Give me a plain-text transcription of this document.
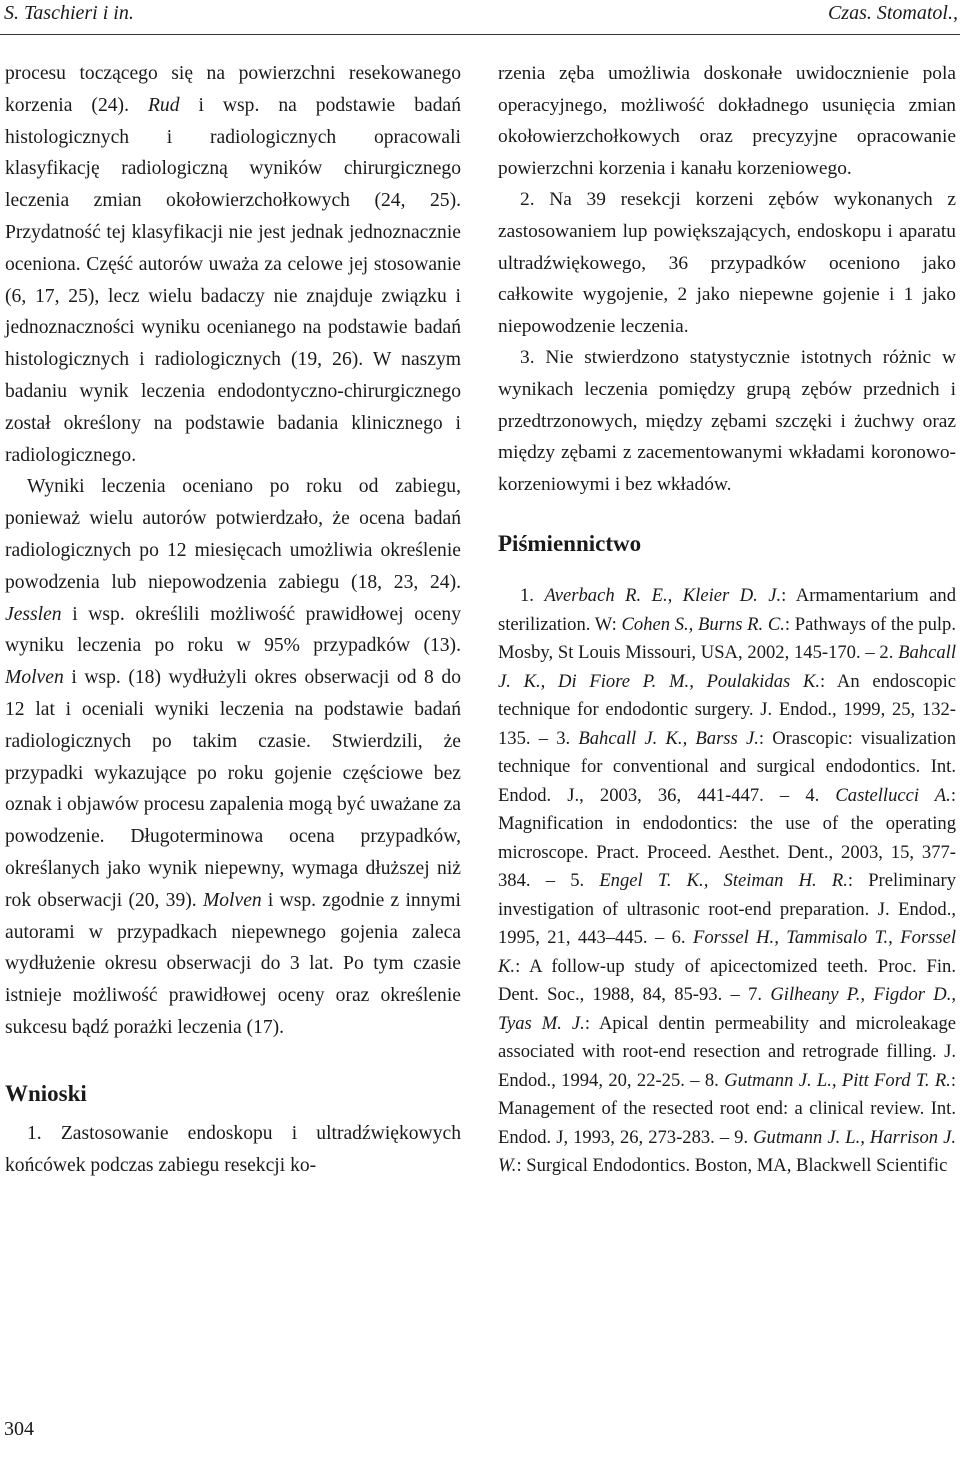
S. Taschieri i in.	Czas. Stomatol.,

procesu toczącego się na powierzchni resekowanego korzenia (24). Rud i wsp. na podstawie badań histologicznych i radiologicznych opracowali klasyfikację radiologiczną wyników chirurgicznego leczenia zmian okołowierzchołkowych (24, 25). Przydatność tej klasyfikacji nie jest jednak jednoznacznie oceniona. Część autorów uważa za celowe jej stosowanie (6, 17, 25), lecz wielu badaczy nie znajduje związku i jednoznaczności wyniku ocenianego na podstawie badań histologicznych i radiologicznych (19, 26). W naszym badaniu wynik leczenia endodontyczno-chirurgicznego został określony na podstawie badania klinicznego i radiologicznego.

Wyniki leczenia oceniano po roku od zabiegu, ponieważ wielu autorów potwierdzało, że ocena badań radiologicznych po 12 miesięcach umożliwia określenie powodzenia lub niepowodzenia zabiegu (18, 23, 24). Jesslen i wsp. określili możliwość prawidłowej oceny wyniku leczenia po roku w 95% przypadków (13). Molven i wsp. (18) wydłużyli okres obserwacji od 8 do 12 lat i oceniali wyniki leczenia na podstawie badań radiologicznych po takim czasie. Stwierdzili, że przypadki wykazujące po roku gojenie częściowe bez oznak i objawów procesu zapalenia mogą być uważane za powodzenie. Długoterminowa ocena przypadków, określanych jako wynik niepewny, wymaga dłuższej niż rok obserwacji (20, 39). Molven i wsp. zgodnie z innymi autorami w przypadkach niepewnego gojenia zaleca wydłużenie okresu obserwacji do 3 lat. Po tym czasie istnieje możliwość prawidłowej oceny oraz określenie sukcesu bądź porażki leczenia (17).

Wnioski

1. Zastosowanie endoskopu i ultradźwiękowych końcówek podczas zabiegu resekcji ko-

rzenia zęba umożliwia doskonałe uwidocznienie pola operacyjnego, możliwość dokładnego usunięcia zmian okołowierzchołkowych oraz precyzyjne opracowanie powierzchni korzenia i kanału korzeniowego.

2. Na 39 resekcji korzeni zębów wykonanych z zastosowaniem lup powiększających, endoskopu i aparatu ultradźwiękowego, 36 przypadków oceniono jako całkowite wygojenie, 2 jako niepewne gojenie i 1 jako niepowodzenie leczenia.

3. Nie stwierdzono statystycznie istotnych różnic w wynikach leczenia pomiędzy grupą zębów przednich i przedtrzonowych, między zębami szczęki i żuchwy oraz między zębami z zacementowanymi wkładami koronowo-korzeniowymi i bez wkładów.

Piśmiennictwo

1. Averbach R. E., Kleier D. J.: Armamentarium and sterilization. W: Cohen S., Burns R. C.: Pathways of the pulp. Mosby, St Louis Missouri, USA, 2002, 145-170. – 2. Bahcall J. K., Di Fiore P. M., Poulakidas K.: An endoscopic technique for endodontic surgery. J. Endod., 1999, 25, 132-135. – 3. Bahcall J. K., Barss J.: Orascopic: visualization technique for conventional and surgical endodontics. Int. Endod. J., 2003, 36, 441-447. – 4. Castellucci A.: Magnification in endodontics: the use of the operating microscope. Pract. Proceed. Aesthet. Dent., 2003, 15, 377-384. – 5. Engel T. K., Steiman H. R.: Preliminary investigation of ultrasonic root-end preparation. J. Endod., 1995, 21, 443–445. – 6. Forssel H., Tammisalo T., Forssel K.: A follow-up study of apicectomized teeth. Proc. Fin. Dent. Soc., 1988, 84, 85-93. – 7. Gilheany P., Figdor D., Tyas M. J.: Apical dentin permeability and microleakage associated with root-end resection and retrograde filling. J. Endod., 1994, 20, 22-25. – 8. Gutmann J. L., Pitt Ford T. R.: Management of the resected root end: a clinical review. Int. Endod. J, 1993, 26, 273-283. – 9. Gutmann J. L., Harrison J. W.: Surgical Endodontics. Boston, MA, Blackwell Scientific

304
